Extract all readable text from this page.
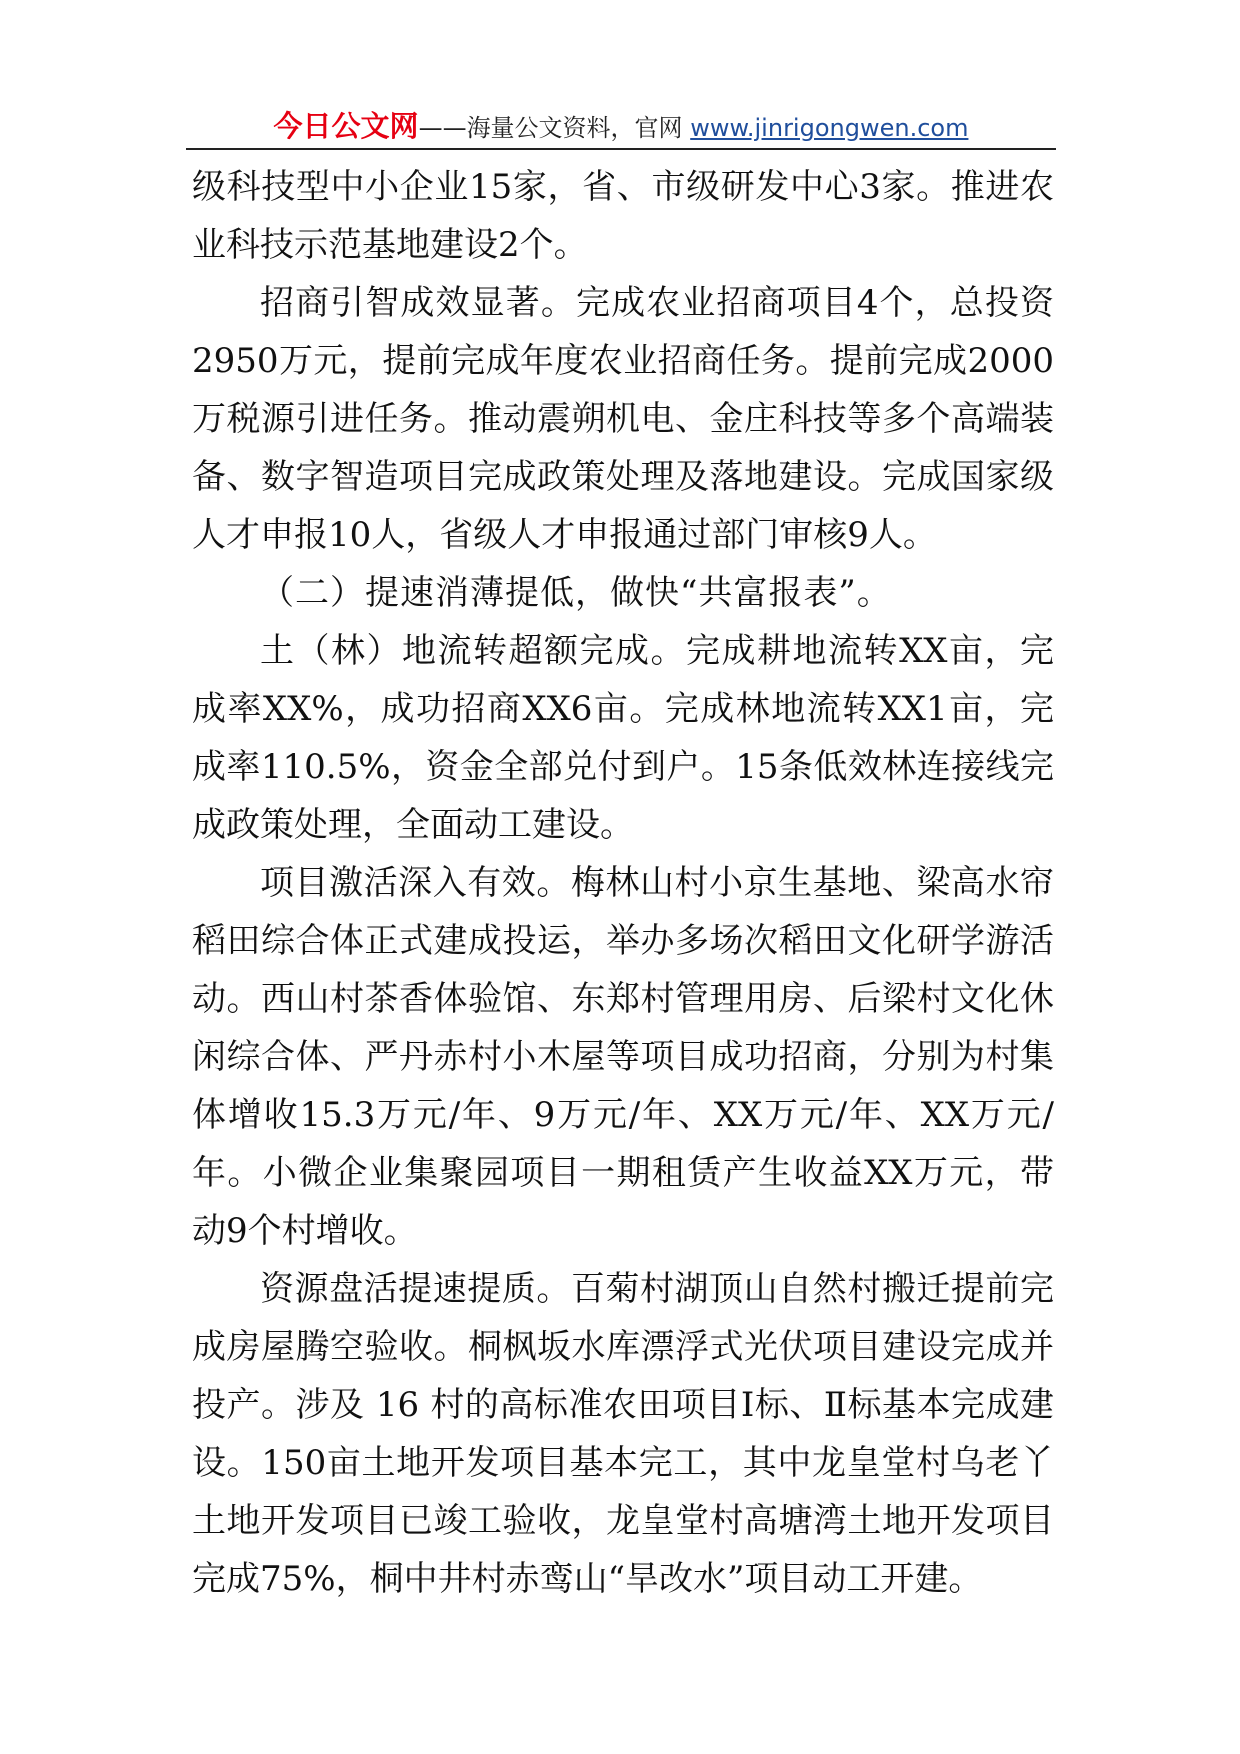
今日公文网——海量公文资料，官网 www.jinrigongwen.com

级科技型中小企业15家，省、市级研发中心3家。推进农业科技示范基地建设2个。

招商引智成效显著。完成农业招商项目4个，总投资2950万元，提前完成年度农业招商任务。提前完成2000万税源引进任务。推动震朔机电、金庄科技等多个高端装备、数字智造项目完成政策处理及落地建设。完成国家级人才申报10人，省级人才申报通过部门审核9人。

（二）提速消薄提低，做快“共富报表”。

土（林）地流转超额完成。完成耕地流转XX亩，完成率XX%，成功招商XX6亩。完成林地流转XX1亩，完成率110.5%，资金全部兑付到户。15条低效林连接线完成政策处理，全面动工建设。

项目激活深入有效。梅林山村小京生基地、梁高水帘稻田综合体正式建成投运，举办多场次稻田文化研学游活动。西山村茶香体验馆、东郑村管理用房、后梁村文化休闲综合体、严丹赤村小木屋等项目成功招商，分别为村集体增收15.3万元/年、9万元/年、XX万元/年、XX万元/年。小微企业集聚园项目一期租赁产生收益XX万元，带动9个村增收。

资源盘活提速提质。百菊村湖顶山自然村搬迁提前完成房屋腾空验收。桐枫坂水库漂浮式光伏项目建设完成并投产。涉及 16 村的高标准农田项目Ⅰ标、Ⅱ标基本完成建设。150亩土地开发项目基本完工，其中龙皇堂村乌老丫土地开发项目已竣工验收，龙皇堂村高塘湾土地开发项目完成75%，桐中井村赤鸾山“旱改水”项目动工开建。
